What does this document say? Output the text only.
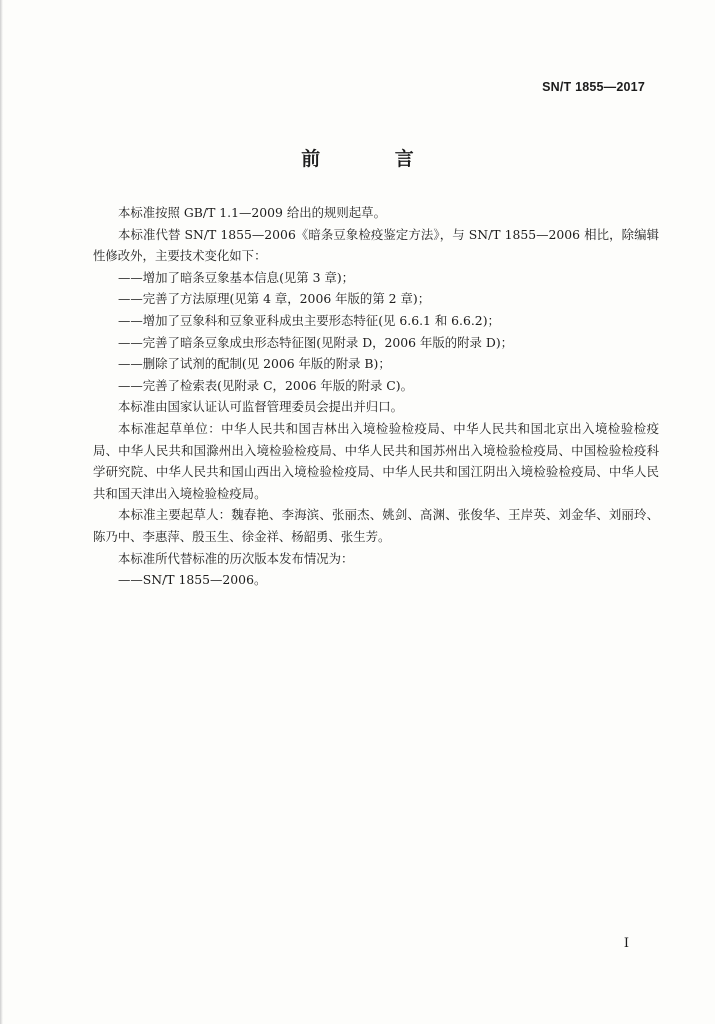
SN/T 1855—2017
前 言

本标准按照 GB/T 1.1—2009 给出的规则起草。

本标准代替 SN/T 1855—2006《暗条豆象检疫鉴定方法》，与 SN/T 1855—2006 相比，除编辑性修改外，主要技术变化如下：

——增加了暗条豆象基本信息(见第 3 章)；

——完善了方法原理(见第 4 章，2006 年版的第 2 章)；

——增加了豆象科和豆象亚科成虫主要形态特征(见 6.6.1 和 6.6.2)；

——完善了暗条豆象成虫形态特征图(见附录 D，2006 年版的附录 D)；

——删除了试剂的配制(见 2006 年版的附录 B)；

——完善了检索表(见附录 C，2006 年版的附录 C)。

本标准由国家认证认可监督管理委员会提出并归口。

本标准起草单位：中华人民共和国吉林出入境检验检疫局、中华人民共和国北京出入境检验检疫局、中华人民共和国滁州出入境检验检疫局、中华人民共和国苏州出入境检验检疫局、中国检验检疫科学研究院、中华人民共和国山西出入境检验检疫局、中华人民共和国江阴出入境检验检疫局、中华人民共和国天津出入境检验检疫局。

本标准主要起草人：魏春艳、李海滨、张丽杰、姚剑、高渊、张俊华、王岸英、刘金华、刘丽玲、陈乃中、李惠萍、殷玉生、徐金祥、杨韶勇、张生芳。

本标准所代替标准的历次版本发布情况为：

——SN/T 1855—2006。

I
